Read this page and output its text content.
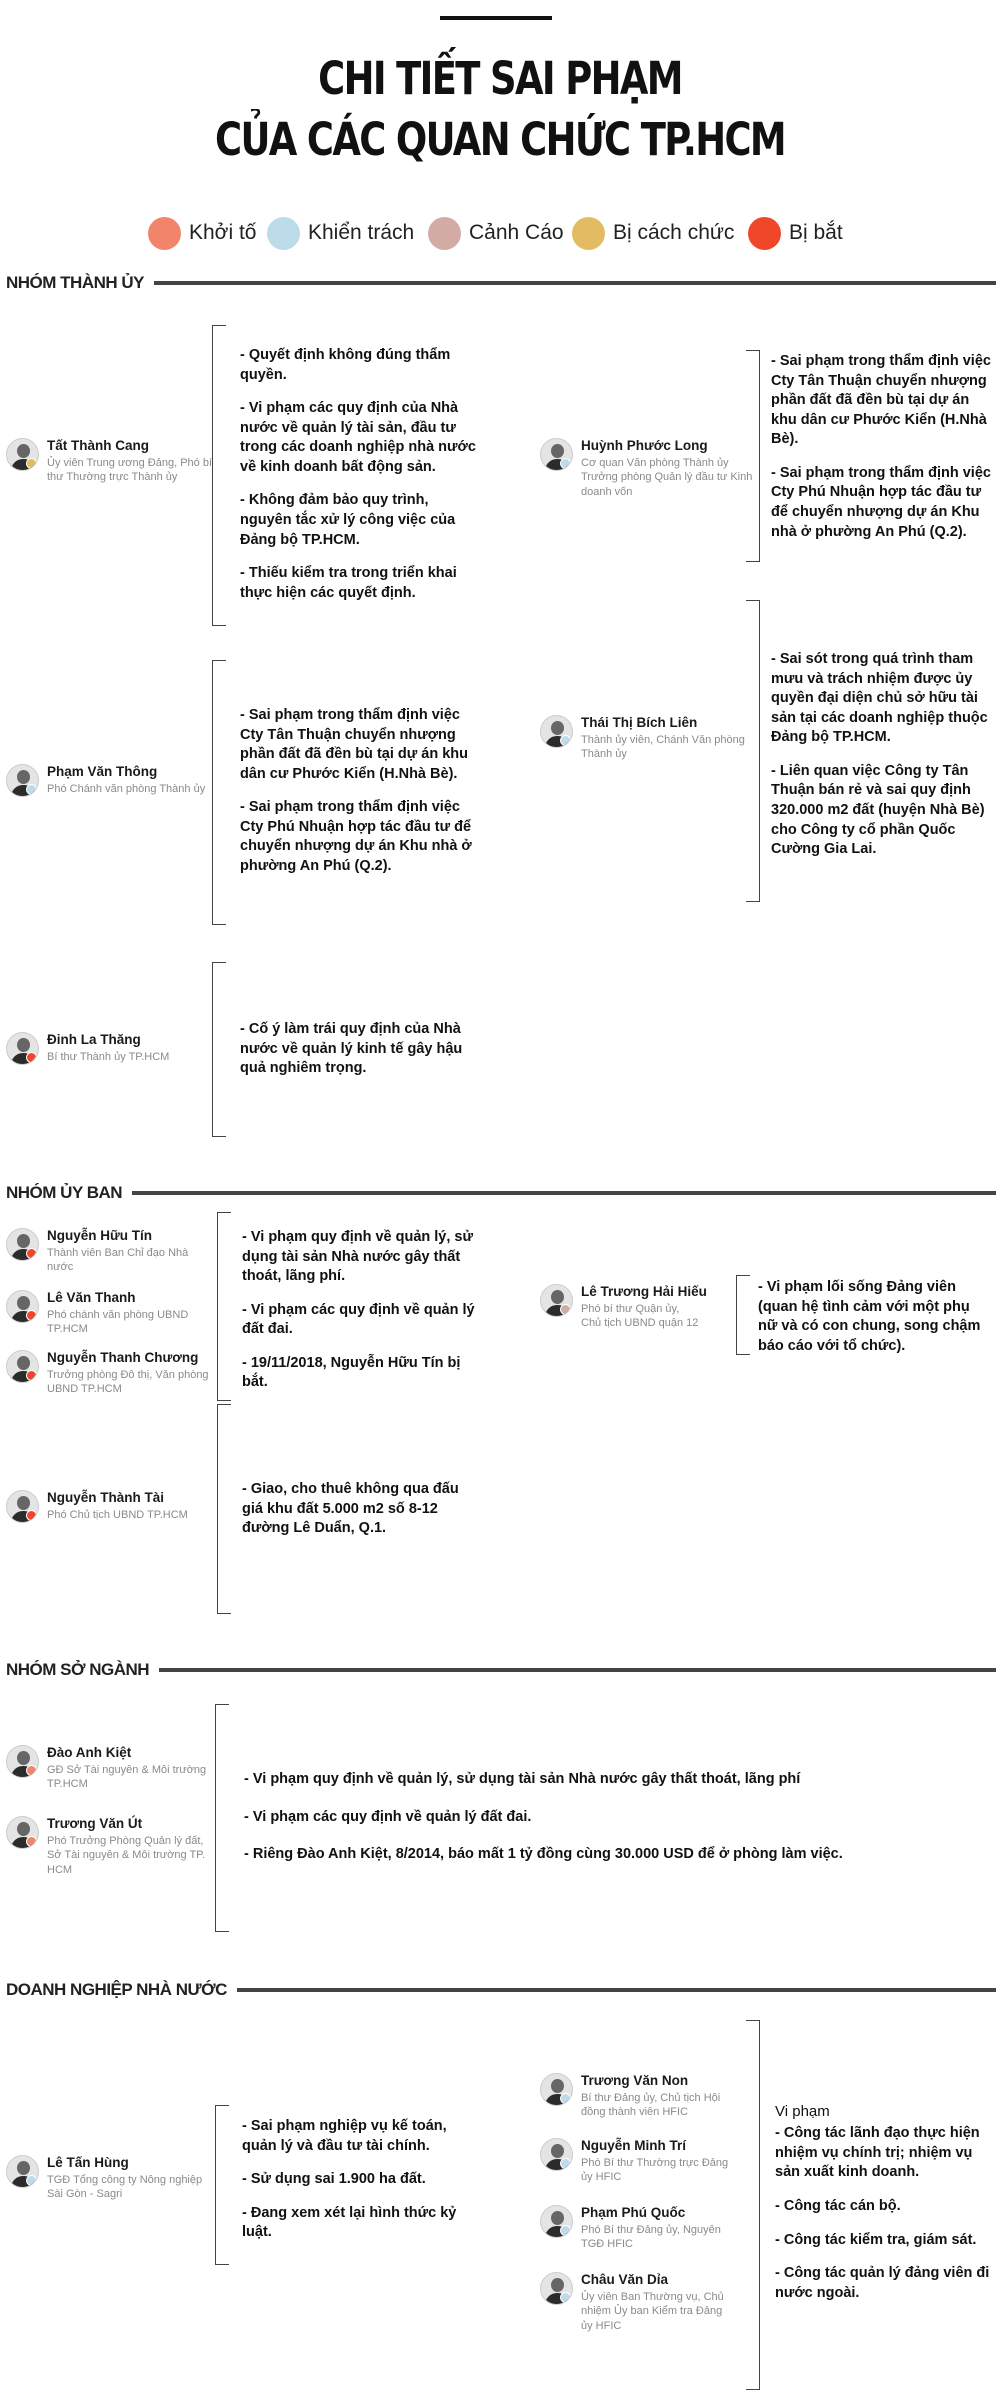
CHI TIẾT SAI PHẠM
CỦA CÁC QUAN CHỨC TP.HCM
Khởi tố Khiển trách	Cảnh Cáo Bị cách chức	Bị bắt
NHÓM THÀNH ỦY
Tất Thành Cang
Ủy viên Trung ương Đảng, Phó bí thư Thường trực Thành ủy

- Quyết định không đúng thẩm quyền.

- Vi phạm các quy định của Nhà nước về quản lý tài sản, đầu tư trong các doanh nghiệp nhà nước về kinh doanh bất động sản.

- Không đảm bảo quy trình, nguyên tắc xử lý công việc của Đảng bộ TP.HCM.

- Thiếu kiểm tra trong triển khai thực hiện các quyết định.

Phạm Văn Thông
Phó Chánh văn phòng Thành ủy

- Sai phạm trong thẩm định việc Cty Tân Thuận chuyển nhượng phần đất đã đền bù tại dự án khu dân cư Phước Kiển (H.Nhà Bè).

- Sai phạm trong thẩm định việc Cty Phú Nhuận hợp tác đầu tư để chuyển nhượng dự án Khu nhà ở phường An Phú (Q.2).

Đinh La Thăng
Bí thư Thành ủy TP.HCM

- Cố ý làm trái quy định của Nhà nước về quản lý kinh tế gây hậu quả nghiêm trọng.

Huỳnh Phước Long
Cơ quan Văn phòng Thành ủy Trưởng phòng Quản lý đầu tư Kinh doanh vốn

- Sai phạm trong thẩm định việc Cty Tân Thuận chuyển nhượng phần đất đã đền bù tại dự án khu dân cư Phước Kiển (H.Nhà Bè).

- Sai phạm trong thẩm định việc Cty Phú Nhuận hợp tác đầu tư để chuyển nhượng dự án Khu nhà ở phường An Phú (Q.2).

Thái Thị Bích Liên
Thành ủy viên, Chánh Văn phòng Thành ủy

- Sai sót trong quá trình tham mưu và trách nhiệm được ủy quyền đại diện chủ sở hữu tài sản tại các doanh nghiệp thuộc Đảng bộ TP.HCM.

- Liên quan việc Công ty Tân Thuận bán rẻ và sai quy định 320.000 m2 đất (huyện Nhà Bè) cho Công ty cổ phần Quốc Cường Gia Lai.

NHÓM ỦY BAN
Nguyễn Hữu Tín
Thành viên Ban Chỉ đạo Nhà nước
Lê Văn Thanh
Phó chánh văn phòng UBND TP.HCM
Nguyễn Thanh Chương
Trưởng phòng Đô thị, Văn phòng UBND TP.HCM

- Vi phạm quy định về quản lý, sử dụng tài sản Nhà nước gây thất thoát, lãng phí.

- Vi phạm các quy định về quản lý đất đai.

- 19/11/2018, Nguyễn Hữu Tín bị bắt.

Nguyễn Thành Tài
Phó Chủ tịch UBND TP.HCM

- Giao, cho thuê không qua đấu giá khu đất 5.000 m2 số 8-12 đường Lê Duẩn, Q.1.

Lê Trương Hải Hiếu
Phó bí thư Quận ủy, Chủ tịch UBND quận 12

- Vi phạm lối sống Đảng viên (quan hệ tình cảm với một phụ nữ và có con chung, song chậm báo cáo với tổ chức).

NHÓM SỞ NGÀNH
Đào Anh Kiệt
GĐ Sở Tài nguyên & Môi trường TP.HCM
Trương Văn Út
Phó Trưởng Phòng Quản lý đất, Sở Tài nguyên & Môi trường TP. HCM

- Vi phạm quy định về quản lý, sử dụng tài sản Nhà nước gây thất thoát, lãng phí

- Vi phạm các quy định về quản lý đất đai.

- Riêng Đào Anh Kiệt, 8/2014, báo mất 1 tỷ đồng cùng 30.000 USD để ở phòng làm việc.

DOANH NGHIỆP NHÀ NƯỚC
Lê Tấn Hùng
TGĐ Tổng công ty Nông nghiệp Sài Gòn - Sagri

- Sai phạm nghiệp vụ kế toán, quản lý và đầu tư tài chính.

- Sử dụng sai 1.900 ha đất.

- Đang xem xét lại hình thức kỷ luật.

Trương Văn Non
Bí thư Đảng ủy, Chủ tịch Hội đồng thành viên HFIC
Nguyễn Minh Trí
Phó Bí thư Thường trực Đảng ủy HFIC
Phạm Phú Quốc
Phó Bí thư Đảng ủy, Nguyên TGĐ HFIC
Châu Văn Dỉa
Ủy viên Ban Thường vụ, Chủ nhiệm Ủy ban Kiểm tra Đảng ủy HFIC
Vi phạm

- Công tác lãnh đạo thực hiện nhiệm vụ chính trị; nhiệm vụ sản xuất kinh doanh.

- Công tác cán bộ.

- Công tác kiểm tra, giám sát.

- Công tác quản lý đảng viên đi nước ngoài.
